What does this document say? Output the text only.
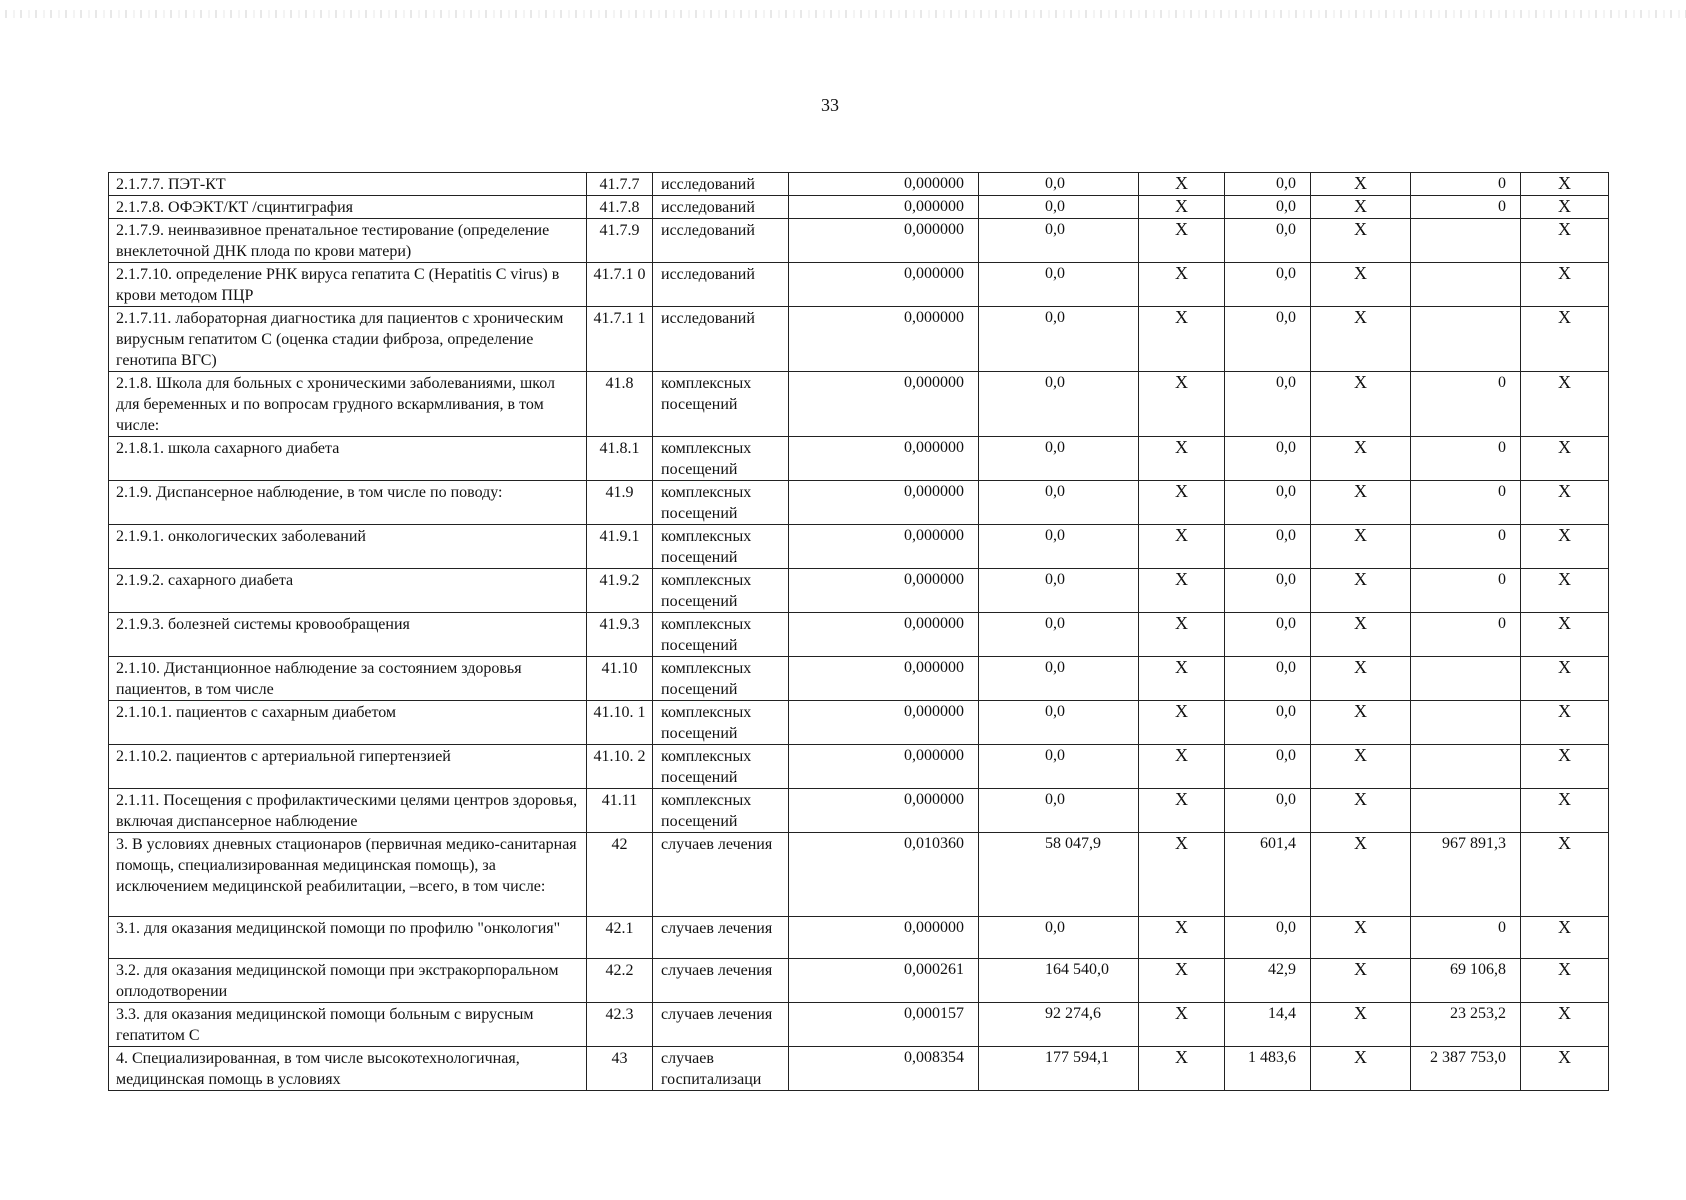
33
2.1.7.7. ПЭТ-КТ	41.7.7	исследований	0,000000	0,0	Х	0,0	Х	0	Х
2.1.7.8. ОФЭКТ/КТ /сцинтиграфия	41.7.8	исследований	0,000000	0,0	Х	0,0	Х	0	Х
2.1.7.9. неинвазивное пренатальное тестирование (определение внеклеточной ДНК плода по крови матери)	41.7.9	исследований	0,000000	0,0	Х	0,0	Х		Х
2.1.7.10. определение РНК вируса гепатита С (Hepatitis C virus) в крови методом ПЦР	41.7.1 0	исследований	0,000000	0,0	Х	0,0	Х		Х
2.1.7.11. лабораторная диагностика для пациентов с хроническим вирусным гепатитом С (оценка стадии фиброза, определение генотипа ВГС)	41.7.1 1	исследований	0,000000	0,0	Х	0,0	Х		Х
2.1.8. Школа для больных с хроническими заболеваниями, школ для беременных и по вопросам грудного вскармливания, в том числе:	41.8	комплексных посещений	0,000000	0,0	Х	0,0	Х	0	Х
2.1.8.1. школа сахарного диабета	41.8.1	комплексных посещений	0,000000	0,0	Х	0,0	Х	0	Х
2.1.9. Диспансерное наблюдение, в том числе по поводу:	41.9	комплексных посещений	0,000000	0,0	Х	0,0	Х	0	Х
2.1.9.1. онкологических заболеваний	41.9.1	комплексных посещений	0,000000	0,0	Х	0,0	Х	0	Х
2.1.9.2. сахарного диабета	41.9.2	комплексных посещений	0,000000	0,0	Х	0,0	Х	0	Х
2.1.9.3. болезней системы кровообращения	41.9.3	комплексных посещений	0,000000	0,0	Х	0,0	Х	0	Х
2.1.10. Дистанционное наблюдение за состоянием здоровья пациентов, в том числе	41.10	комплексных посещений	0,000000	0,0	Х	0,0	Х		Х
2.1.10.1. пациентов с сахарным диабетом	41.10. 1	комплексных посещений	0,000000	0,0	Х	0,0	Х		Х
2.1.10.2. пациентов с артериальной гипертензией	41.10. 2	комплексных посещений	0,000000	0,0	Х	0,0	Х		Х
2.1.11. Посещения с профилактическими целями центров здоровья, включая диспансерное наблюдение	41.11	комплексных посещений	0,000000	0,0	Х	0,0	Х		Х
3. В условиях дневных стационаров (первичная медико-санитарная помощь, специализированная медицинская помощь), за исключением медицинской реабилитации, –всего, в том числе:	42	случаев лечения	0,010360	58 047,9	Х	601,4	Х	967 891,3	Х
3.1. для оказания медицинской помощи по профилю "онкология"	42.1	случаев лечения	0,000000	0,0	Х	0,0	Х	0	Х
3.2. для оказания медицинской помощи при экстракорпоральном оплодотворении	42.2	случаев лечения	0,000261	164 540,0	Х	42,9	Х	69 106,8	Х
3.3. для оказания медицинской помощи больным с вирусным гепатитом С	42.3	случаев лечения	0,000157	92 274,6	Х	14,4	Х	23 253,2	Х
4. Специализированная, в том числе высокотехнологичная, медицинская помощь в условиях	43	случаев госпитализаци	0,008354	177 594,1	Х	1 483,6	Х	2 387 753,0	Х
